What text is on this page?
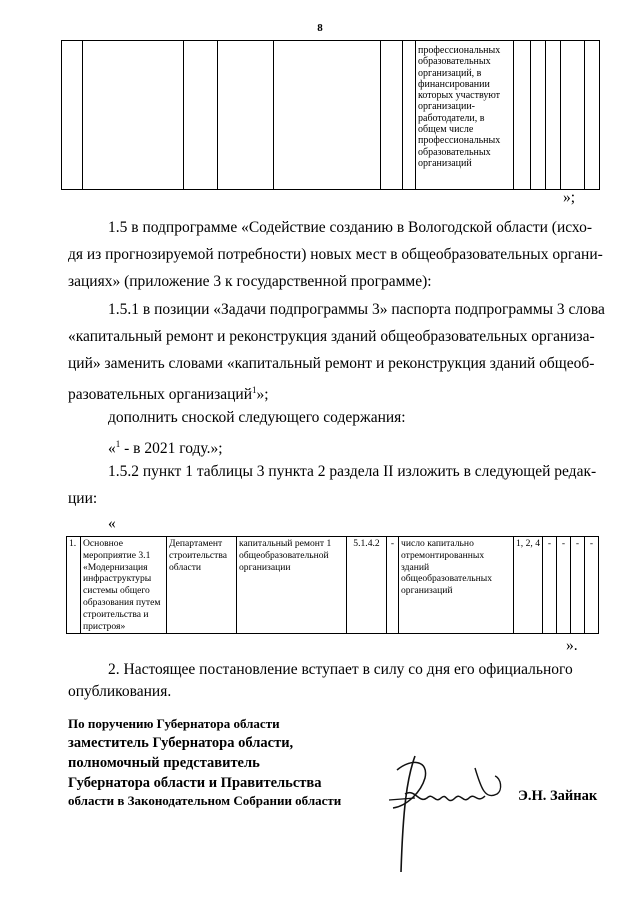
8

профессиональных
образовательных
организаций, в
финансировании
которых участвуют
организации-
работодатели, в
общем числе
профессиональных
образовательных
организаций

»;
1.5 в подпрограмме «Содействие созданию в Вологодской области (исхо-
дя из прогнозируемой потребности) новых мест в общеобразовательных органи-
зациях» (приложение 3 к государственной программе):
1.5.1 в позиции «Задачи подпрограммы 3» паспорта подпрограммы 3 слова
«капитальный ремонт и реконструкция зданий общеобразовательных организа-
ций» заменить словами «капитальный ремонт и реконструкция зданий общеоб-
разовательных организаций$^1$»;
дополнить сноской следующего содержания:
«$^1$ - в 2021 году.»;
1.5.2 пункт 1 таблицы 3 пункта 2 раздела II изложить в следующей редак-
ции:
«
1.	Основное мероприятие 3.1 «Модернизация инфраструктуры системы общего образования путем строительства и пристроя»	Департамент строительства области	капитальный ремонт 1 общеобразовательной организации	5.1.4.2	-	число капитально отремонтированных зданий общеобразовательных организаций	1, 2, 4	-	-	-	-
».
2. Настоящее постановление вступает в силу со дня его официального
опубликования.
По поручению Губернатора области
заместитель Губернатора области,
полномочный представитель
Губернатора области и Правительства
области в Законодательном Собрании области	Э.Н. Зайнак
